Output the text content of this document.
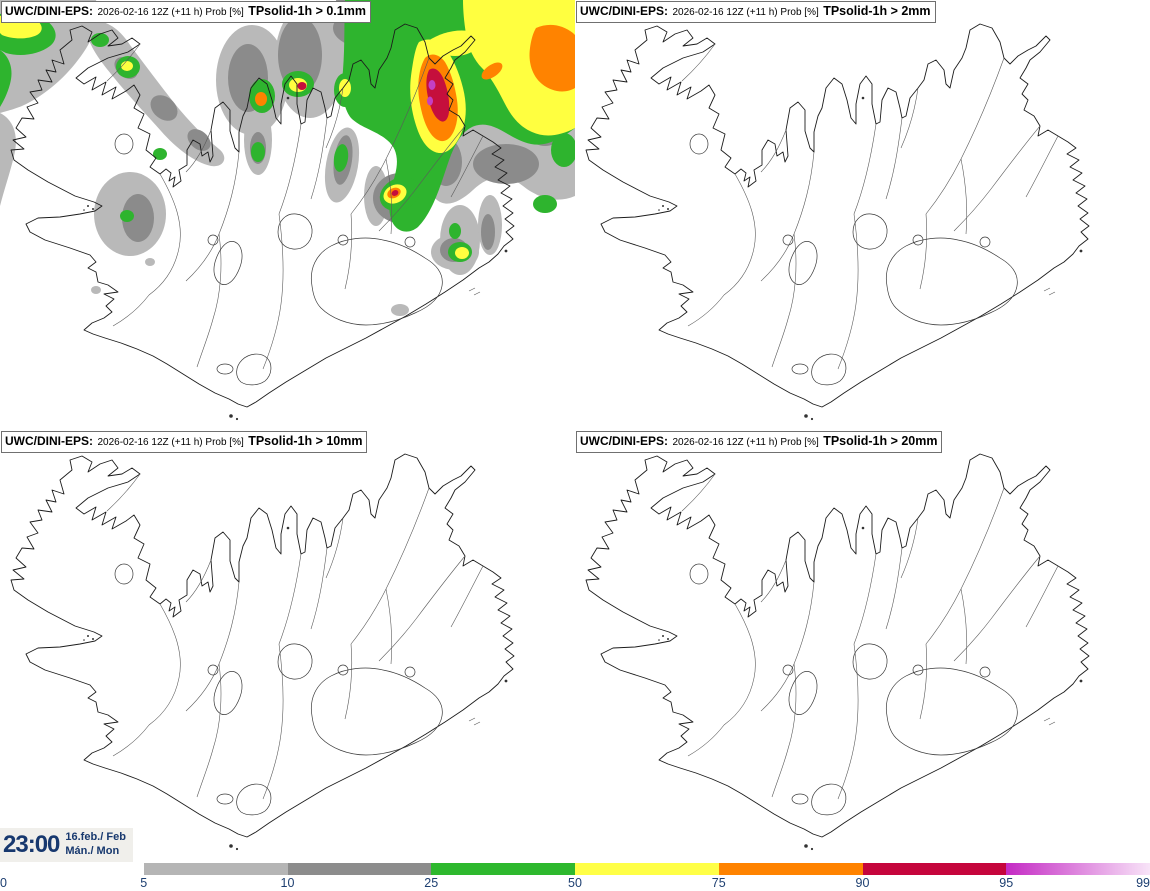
UWC/DINI-EPS: 2026-02-16 12Z (+11 h) Prob [%] TPsolid-1h > 0.1mm	UWC/DINI-EPS: 2026-02-16 12Z (+11 h) Prob [%] TPsolid-1h > 2mm
UWC/DINI-EPS: 2026-02-16 12Z (+11 h) Prob [%] TPsolid-1h > 10mm	UWC/DINI-EPS: 2026-02-16 12Z (+11 h) Prob [%] TPsolid-1h > 20mm
23:00 16.feb./ Feb
Mán./ Mon
0	5	10	25	50	75	90	95	99
